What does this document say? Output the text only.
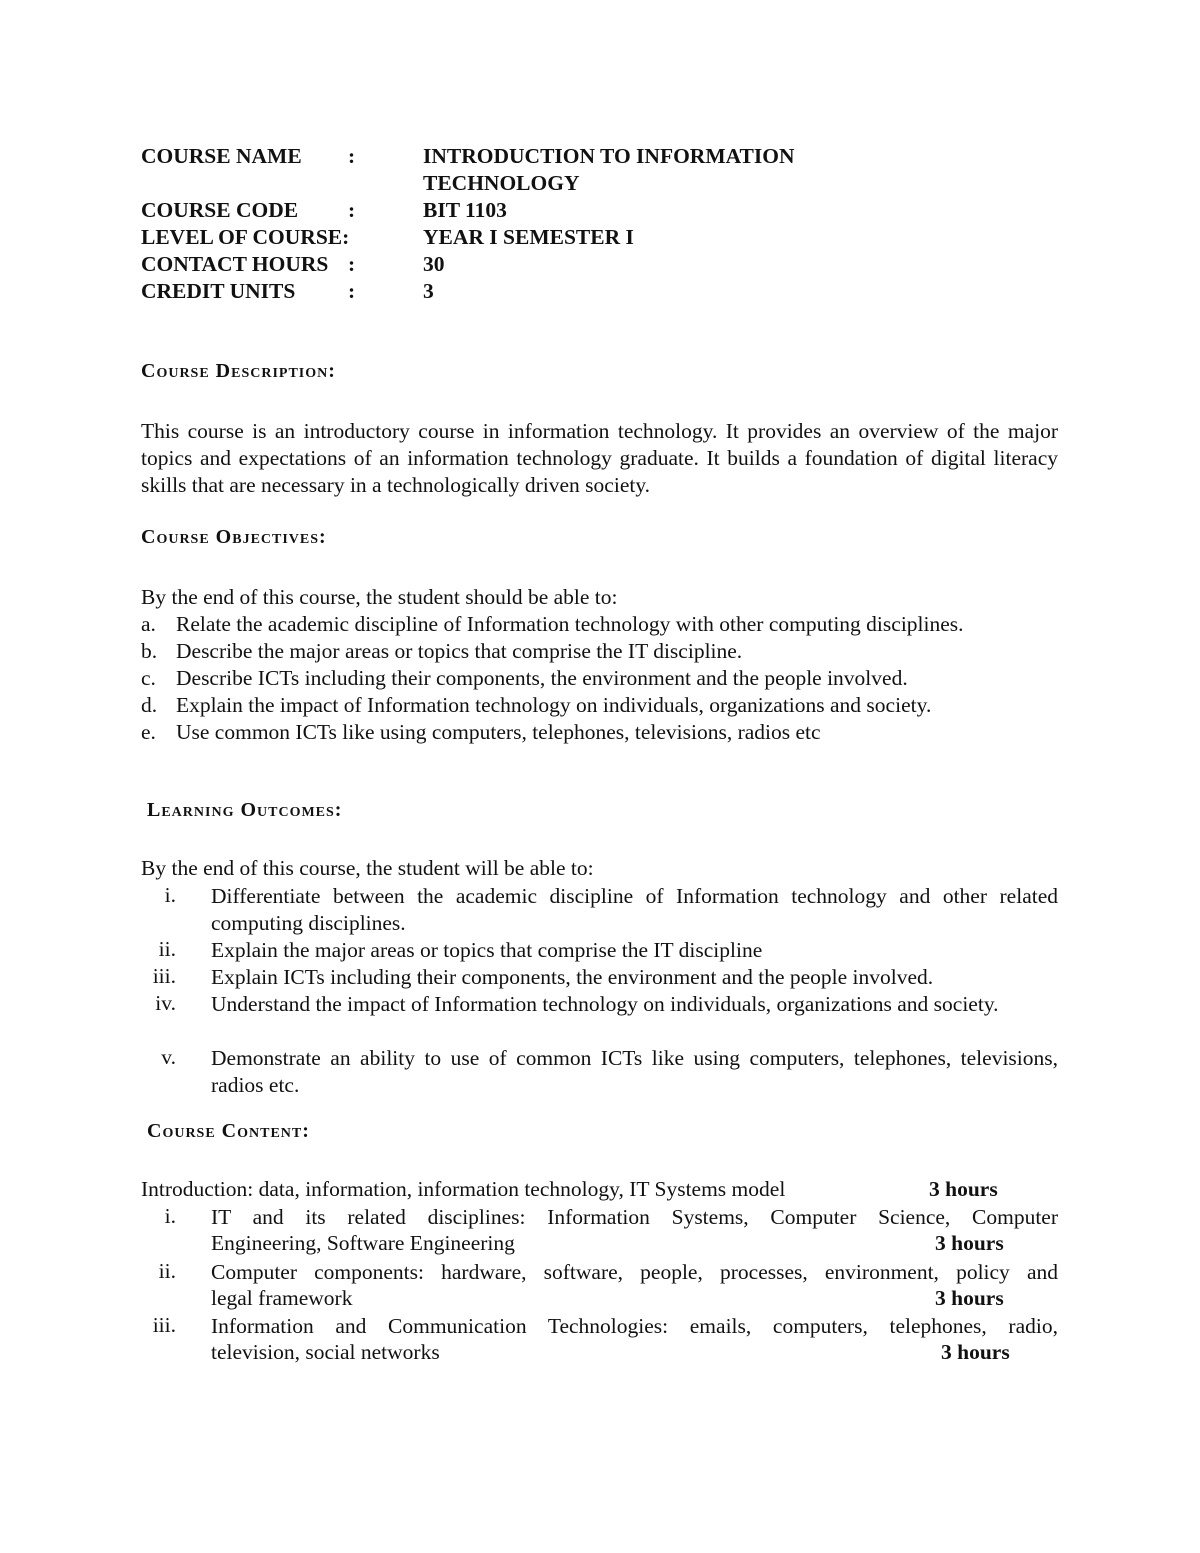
COURSE NAME :	INTRODUCTION TO INFORMATION
TECHNOLOGY
COURSE CODE :	BIT 1103
LEVEL OF COURSE:	YEAR I SEMESTER I
CONTACT HOURS :	30
CREDIT UNITS :	3
Course Description:
This course is an introductory course in information technology. It provides an overview of the major topics and expectations of an information technology graduate. It builds a foundation of digital literacy skills that are necessary in a technologically driven society.
Course Objectives:
By the end of this course, the student should be able to:
a. Relate the academic discipline of Information technology with other computing disciplines.
b. Describe the major areas or topics that comprise the IT discipline.
c. Describe ICTs including their components, the environment and the people involved.
d. Explain the impact of Information technology on individuals, organizations and society.
e. Use common ICTs like using computers, telephones, televisions, radios etc
Learning Outcomes:
By the end of this course, the student will be able to:
i. Differentiate between the academic discipline of Information technology and other related computing disciplines.
ii. Explain the major areas or topics that comprise the IT discipline
iii. Explain ICTs including their components, the environment and the people involved.
iv. Understand the impact of Information technology on individuals, organizations and society.
v. Demonstrate an ability to use of common ICTs like using computers, telephones, televisions, radios etc.
Course Content:
Introduction: data, information, information technology, IT Systems model	3 hours
i. IT and its related disciplines: Information Systems, Computer Science, Computer
Engineering, Software Engineering	3 hours
ii. Computer components: hardware, software, people, processes, environment, policy and
legal framework	3 hours
iii. Information and Communication Technologies: emails, computers, telephones, radio,
television, social networks	3 hours
